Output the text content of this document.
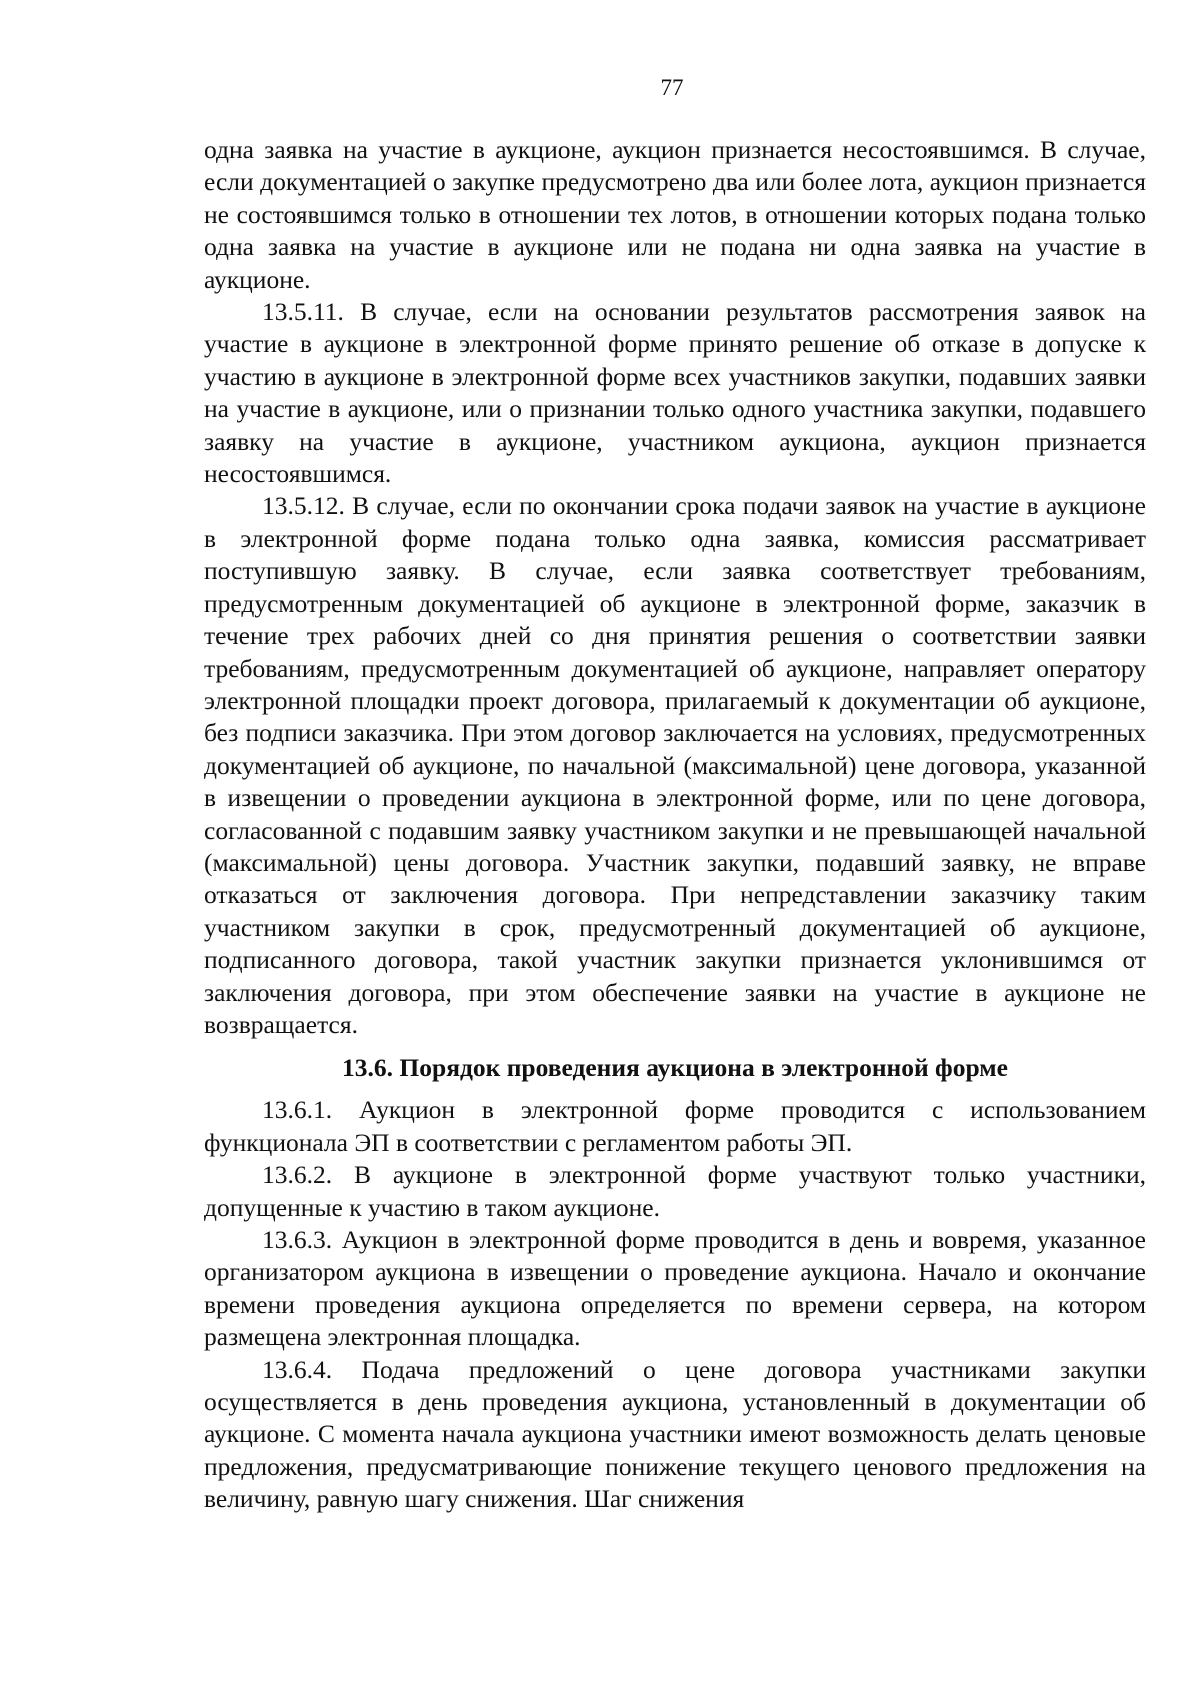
77

одна заявка на участие в аукционе, аукцион признается несостоявшимся. В случае, если документацией о закупке предусмотрено два или более лота, аукцион признается не состоявшимся только в отношении тех лотов, в отношении которых подана только одна заявка на участие в аукционе или не подана ни одна заявка на участие в аукционе.

13.5.11. В случае, если на основании результатов рассмотрения заявок на участие в аукционе в электронной форме принято решение об отказе в допуске к участию в аукционе в электронной форме всех участников закупки, подавших заявки на участие в аукционе, или о признании только одного участника закупки, подавшего заявку на участие в аукционе, участником аукциона, аукцион признается несостоявшимся.

13.5.12. В случае, если по окончании срока подачи заявок на участие в аукционе в электронной форме подана только одна заявка, комиссия рассматривает поступившую заявку. В случае, если заявка соответствует требованиям, предусмотренным документацией об аукционе в электронной форме, заказчик в течение трех рабочих дней со дня принятия решения о соответствии заявки требованиям, предусмотренным документацией об аукционе, направляет оператору электронной площадки проект договора, прилагаемый к документации об аукционе, без подписи заказчика. При этом договор заключается на условиях, предусмотренных документацией об аукционе, по начальной (максимальной) цене договора, указанной в извещении о проведении аукциона в электронной форме, или по цене договора, согласованной с подавшим заявку участником закупки и не превышающей начальной (максимальной) цены договора. Участник закупки, подавший заявку, не вправе отказаться от заключения договора. При непредставлении заказчику таким участником закупки в срок, предусмотренный документацией об аукционе, подписанного договора, такой участник закупки признается уклонившимся от заключения договора, при этом обеспечение заявки на участие в аукционе не возвращается.

13.6. Порядок проведения аукциона в электронной форме

13.6.1. Аукцион в электронной форме проводится с использованием функционала ЭП в соответствии с регламентом работы ЭП.

13.6.2. В аукционе в электронной форме участвуют только участники, допущенные к участию в таком аукционе.

13.6.3. Аукцион в электронной форме проводится в день и вовремя, указанное организатором аукциона в извещении о проведение аукциона. Начало и окончание времени проведения аукциона определяется по времени сервера, на котором размещена электронная площадка.

13.6.4. Подача предложений о цене договора участниками закупки осуществляется в день проведения аукциона, установленный в документации об аукционе. С момента начала аукциона участники имеют возможность делать ценовые предложения, предусматривающие понижение текущего ценового предложения на величину, равную шагу снижения. Шаг снижения
